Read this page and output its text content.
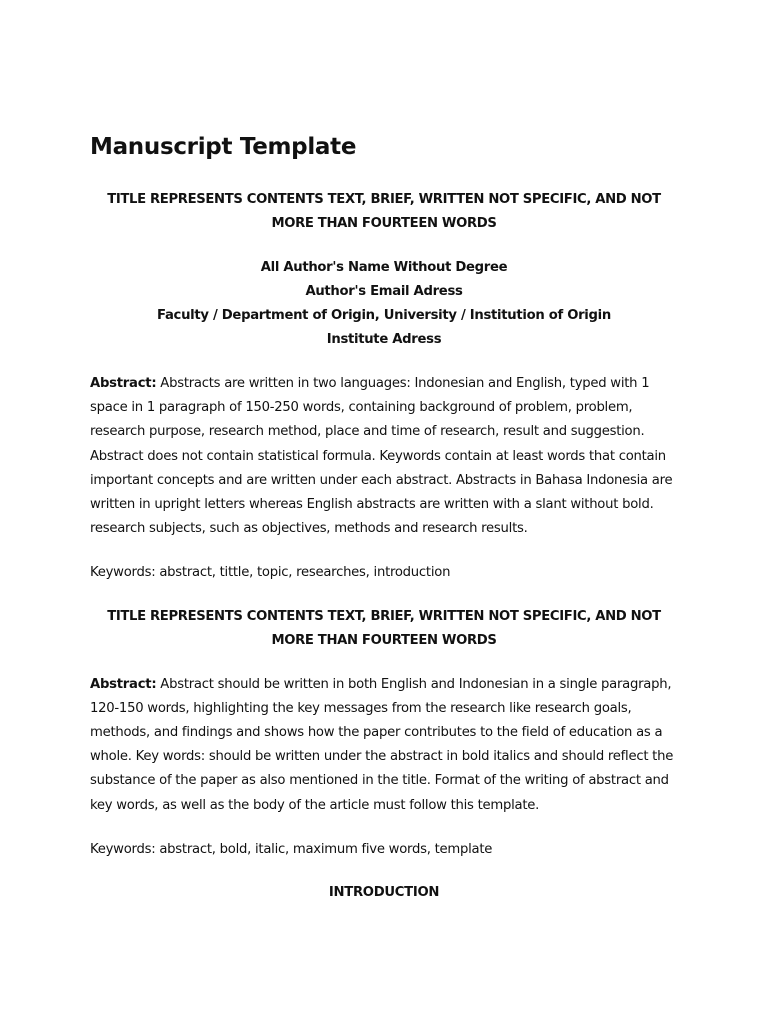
Manuscript Template

TITLE REPRESENTS CONTENTS TEXT, BRIEF, WRITTEN NOT SPECIFIC, AND NOT MORE THAN FOURTEEN WORDS

All Author's Name Without Degree
Author's Email Adress
Faculty / Department of Origin, University / Institution of Origin
Institute Adress

Abstract: Abstracts are written in two languages: Indonesian and English, typed with 1 space in 1 paragraph of 150-250 words, containing background of problem, problem, research purpose, research method, place and time of research, result and suggestion. Abstract does not contain statistical formula. Keywords contain at least words that contain important concepts and are written under each abstract. Abstracts in Bahasa Indonesia are written in upright letters whereas English abstracts are written with a slant without bold. research subjects, such as objectives, methods and research results.

Keywords: abstract, tittle, topic, researches, introduction

TITLE REPRESENTS CONTENTS TEXT, BRIEF, WRITTEN NOT SPECIFIC, AND NOT MORE THAN FOURTEEN WORDS

Abstract: Abstract should be written in both English and Indonesian in a single paragraph, 120-150 words, highlighting the key messages from the research like research goals, methods, and findings and shows how the paper contributes to the field of education as a whole. Key words: should be written under the abstract in bold italics and should reflect the substance of the paper as also mentioned in the title. Format of the writing of abstract and key words, as well as the body of the article must follow this template.

Keywords: abstract, bold, italic, maximum five words, template

INTRODUCTION
